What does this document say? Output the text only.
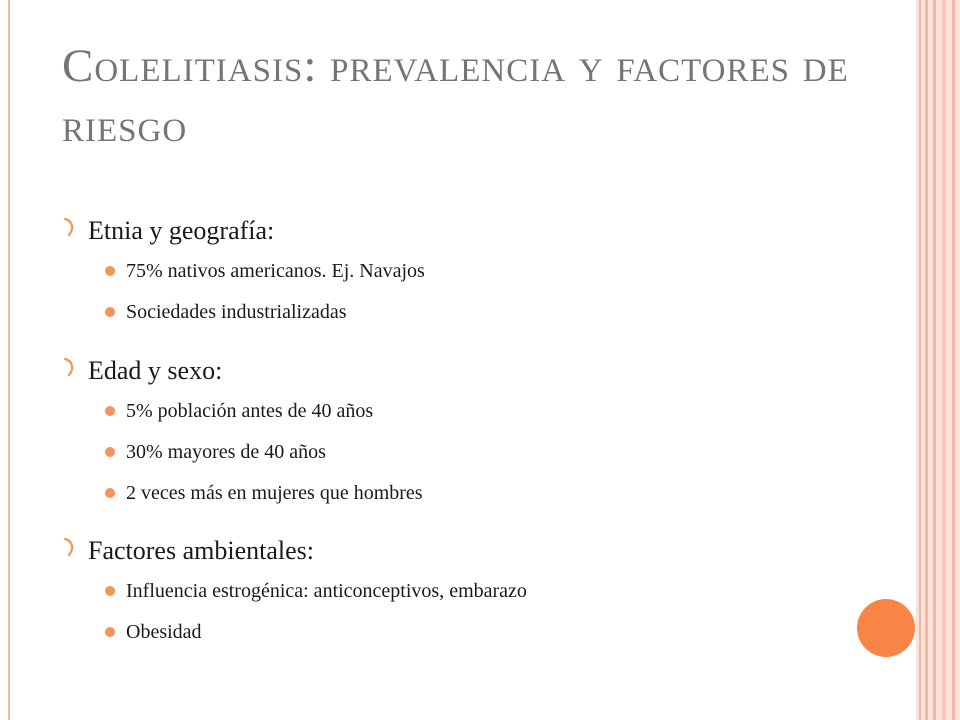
Colelitiasis: prevalencia y factores de riesgo
Etnia y geografía:
75% nativos americanos. Ej. Navajos
Sociedades industrializadas
Edad y sexo:
5% población antes de 40 años
30% mayores de 40 años
2 veces más en mujeres que hombres
Factores ambientales:
Influencia estrogénica: anticonceptivos, embarazo
Obesidad
